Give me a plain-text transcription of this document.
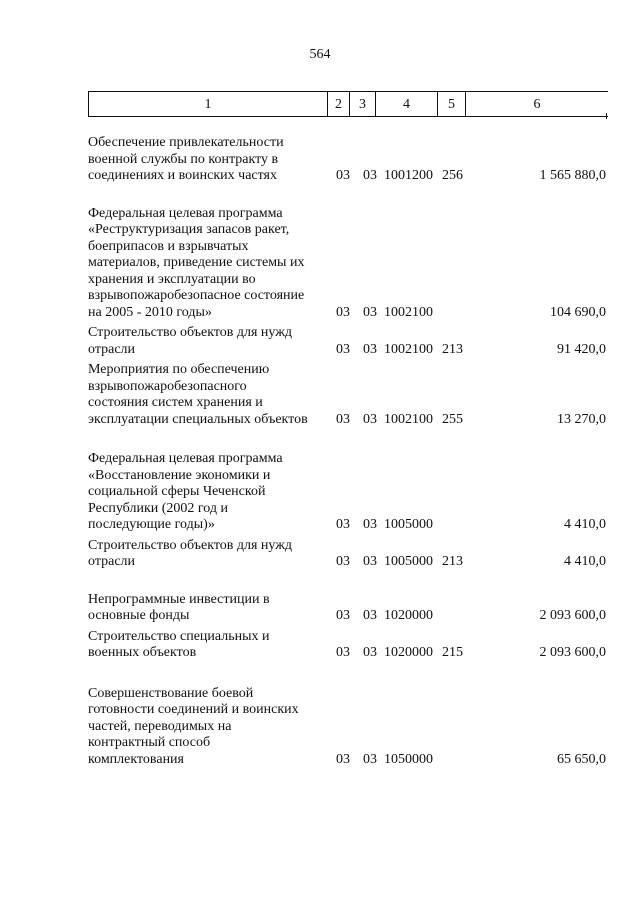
564
1	2	3	4	5	6
Обеспечение привлекательности
военной службы по контракту в
соединениях и воинских частях	03 03 1001200 256	1 565 880,0
Федеральная целевая программа
«Реструктуризация запасов ракет,
боеприпасов и взрывчатых
материалов, приведение системы их
хранения и эксплуатации во
взрывопожаробезопасное состояние
на 2005 - 2010 годы»	03 03 1002100	104 690,0
Строительство объектов для нужд
отрасли	03 03 1002100 213	91 420,0
Мероприятия по обеспечению
взрывопожаробезопасного
состояния систем хранения и
эксплуатации специальных объектов	03 03 1002100 255	13 270,0
Федеральная целевая программа
«Восстановление экономики и
социальной сферы Чеченской
Республики (2002 год и
последующие годы)»	03 03 1005000	4 410,0
Строительство объектов для нужд
отрасли	03 03 1005000 213	4 410,0
Непрограммные инвестиции в
основные фонды	03 03 1020000	2 093 600,0
Строительство специальных и
военных объектов	03 03 1020000 215	2 093 600,0
Совершенствование боевой
готовности соединений и воинских
частей, переводимых на
контрактный способ
комплектования	03 03 1050000	65 650,0
